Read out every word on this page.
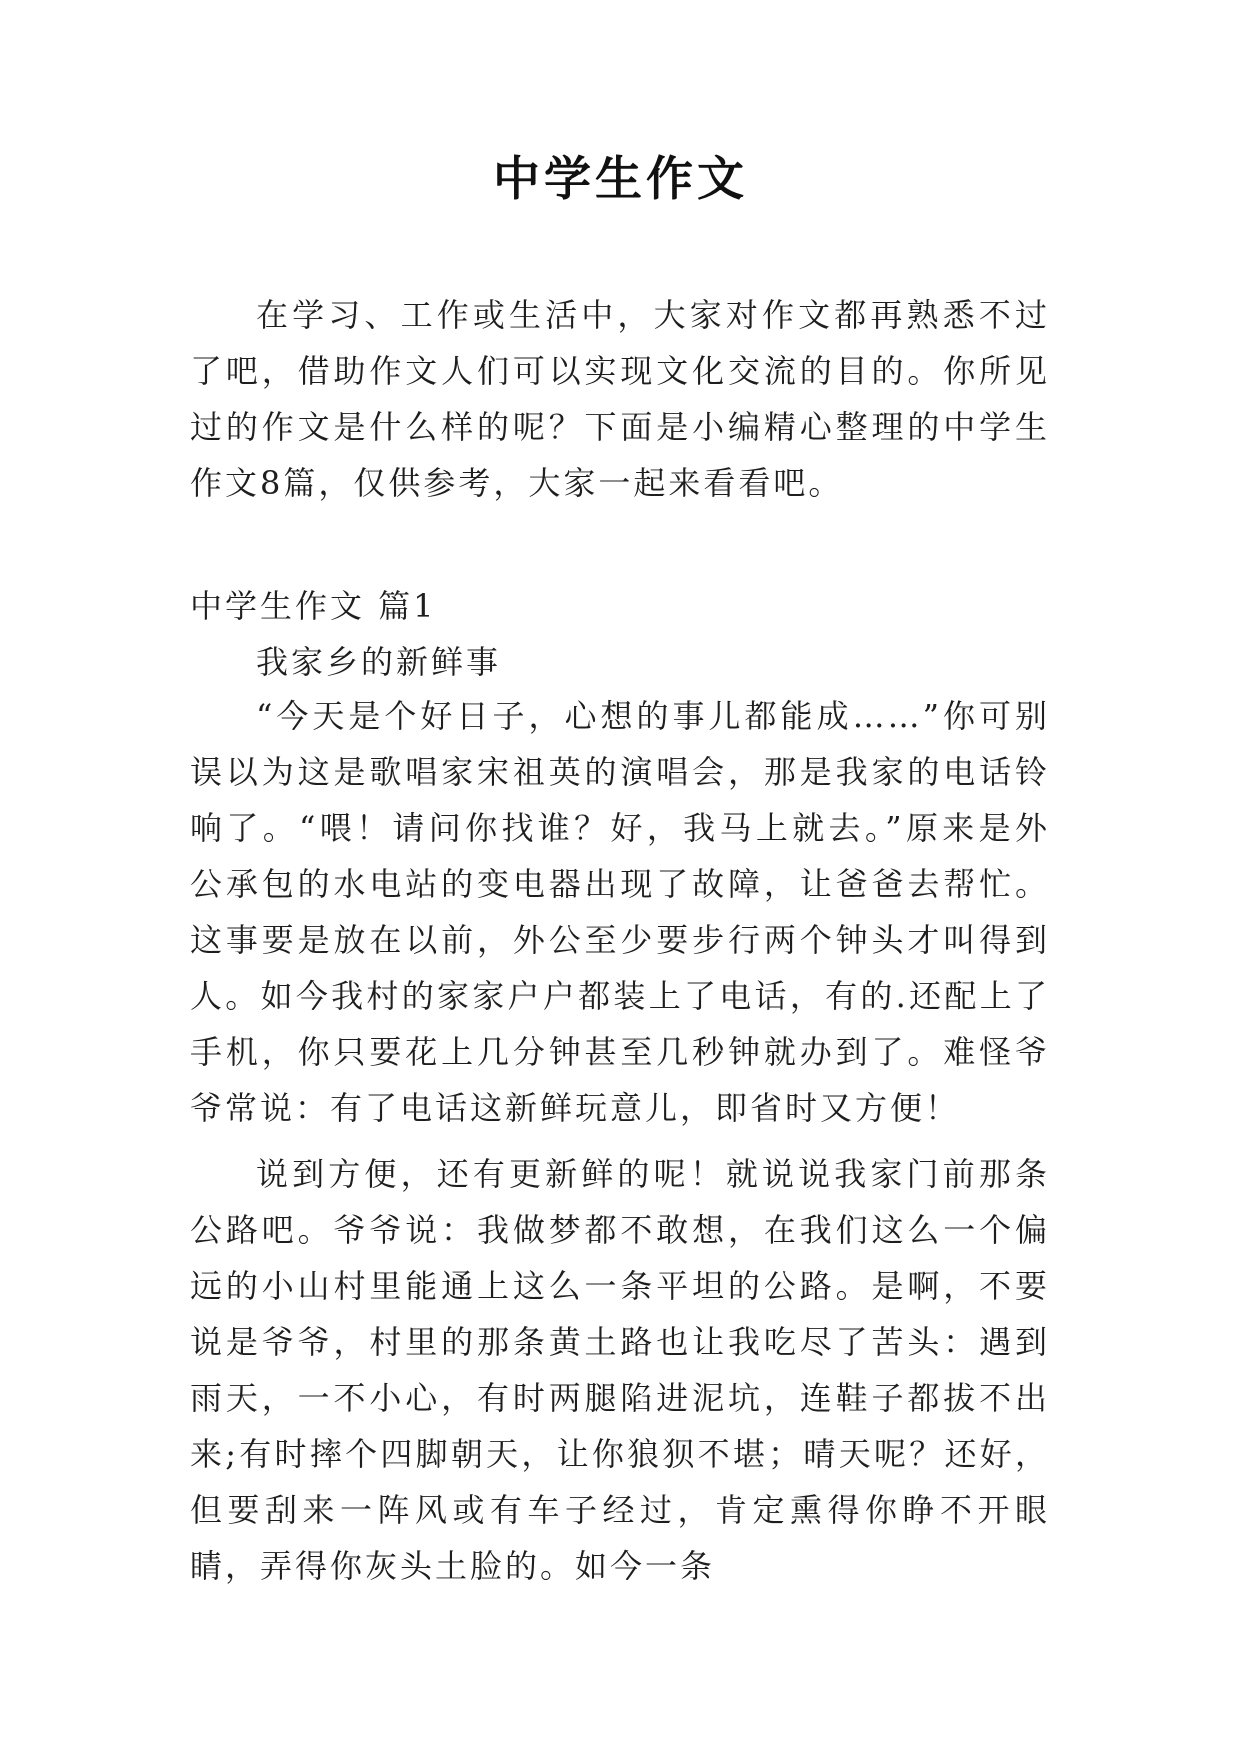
中学生作文

在学习、工作或生活中，大家对作文都再熟悉不过了吧，借助作文人们可以实现文化交流的目的。你所见过的作文是什么样的呢？下面是小编精心整理的中学生作文8篇，仅供参考，大家一起来看看吧。

中学生作文 篇1

我家乡的新鲜事

“今天是个好日子，心想的事儿都能成……”你可别误以为这是歌唱家宋祖英的演唱会，那是我家的电话铃响了。“喂！请问你找谁？好，我马上就去。”原来是外公承包的水电站的变电器出现了故障，让爸爸去帮忙。这事要是放在以前，外公至少要步行两个钟头才叫得到人。如今我村的家家户户都装上了电话，有的.还配上了手机，你只要花上几分钟甚至几秒钟就办到了。难怪爷爷常说：有了电话这新鲜玩意儿，即省时又方便！

说到方便，还有更新鲜的呢！就说说我家门前那条公路吧。爷爷说：我做梦都不敢想，在我们这么一个偏远的小山村里能通上这么一条平坦的公路。是啊，不要说是爷爷，村里的那条黄土路也让我吃尽了苦头：遇到雨天，一不小心，有时两腿陷进泥坑，连鞋子都拔不出来;有时摔个四脚朝天，让你狼狈不堪；晴天呢？还好，但要刮来一阵风或有车子经过，肯定熏得你睁不开眼睛，弄得你灰头土脸的。如今一条
